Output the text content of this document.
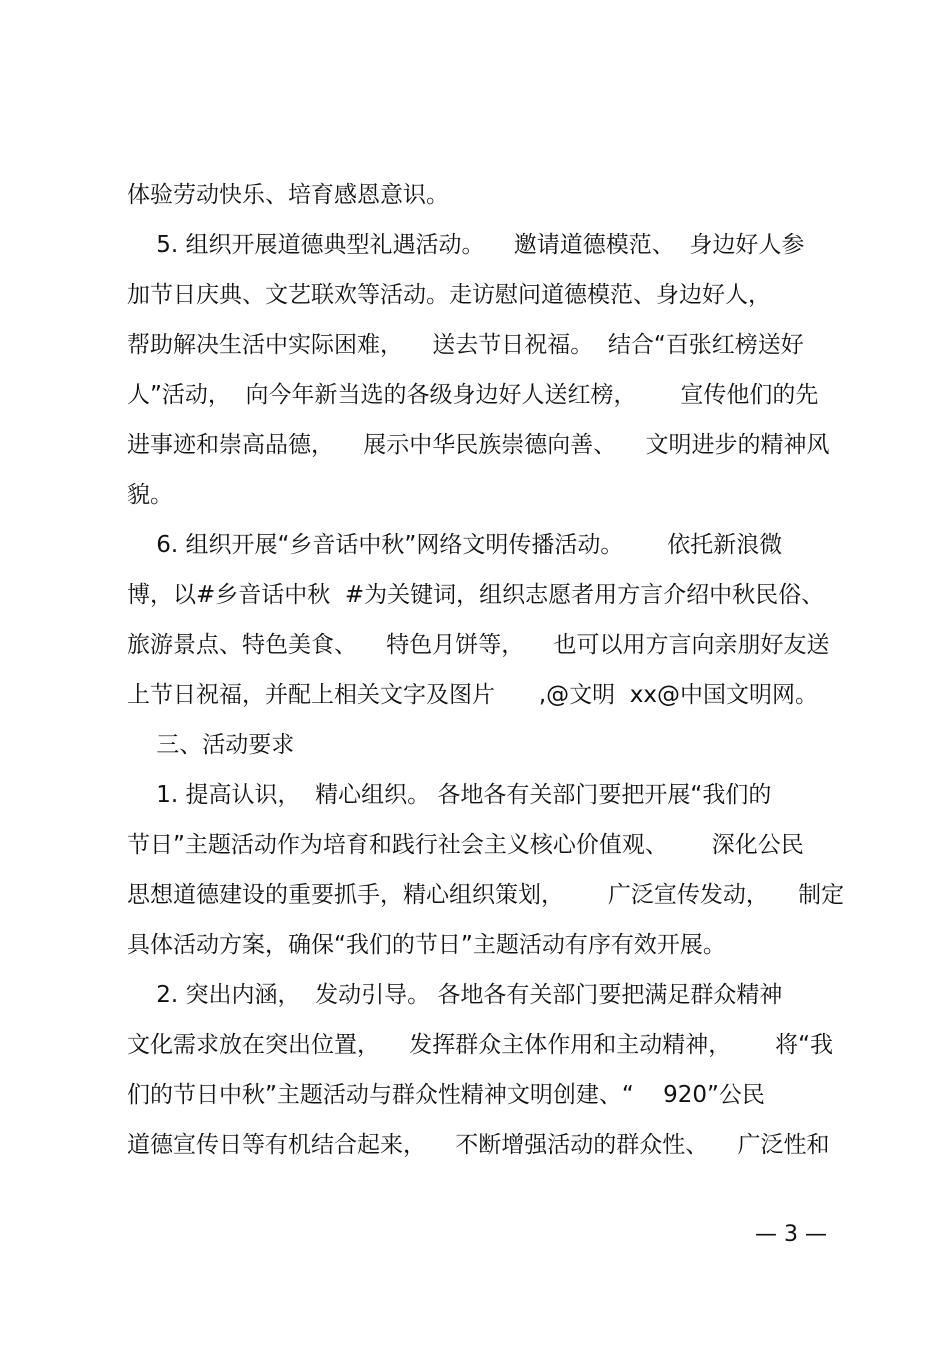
体验劳动快乐、培育感恩意识。
5. 组织开展道德典型礼遇活动。    邀请道德模范、  身边好人参
加节日庆典、文艺联欢等活动。走访慰问道德模范、身边好人，
帮助解决生活中实际困难，    送去节日祝福。  结合“百张红榜送好
人”活动，  向今年新当选的各级身边好人送红榜，      宣传他们的先
进事迹和崇高品德，    展示中华民族崇德向善、    文明进步的精神风
貌。
6. 组织开展“乡音话中秋”网络文明传播活动。      依托新浪微
博，以#乡音话中秋  #为关键词，组织志愿者用方言介绍中秋民俗、
旅游景点、特色美食、    特色月饼等，    也可以用方言向亲朋好友送
上节日祝福，并配上相关文字及图片      ,@文明  xx@中国文明网。
三、活动要求
1. 提高认识，  精心组织。 各地各有关部门要把开展“我们的
节日”主题活动作为培育和践行社会主义核心价值观、      深化公民
思想道德建设的重要抓手，精心组织策划，      广泛宣传发动，    制定
具体活动方案，确保“我们的节日”主题活动有序有效开展。
2. 突出内涵，  发动引导。 各地各有关部门要把满足群众精神
文化需求放在突出位置，    发挥群众主体作用和主动精神，      将“我
们的节日中秋”主题活动与群众性精神文明创建、“    920”公民
道德宣传日等有机结合起来，    不断增强活动的群众性、    广泛性和
— 3 —
